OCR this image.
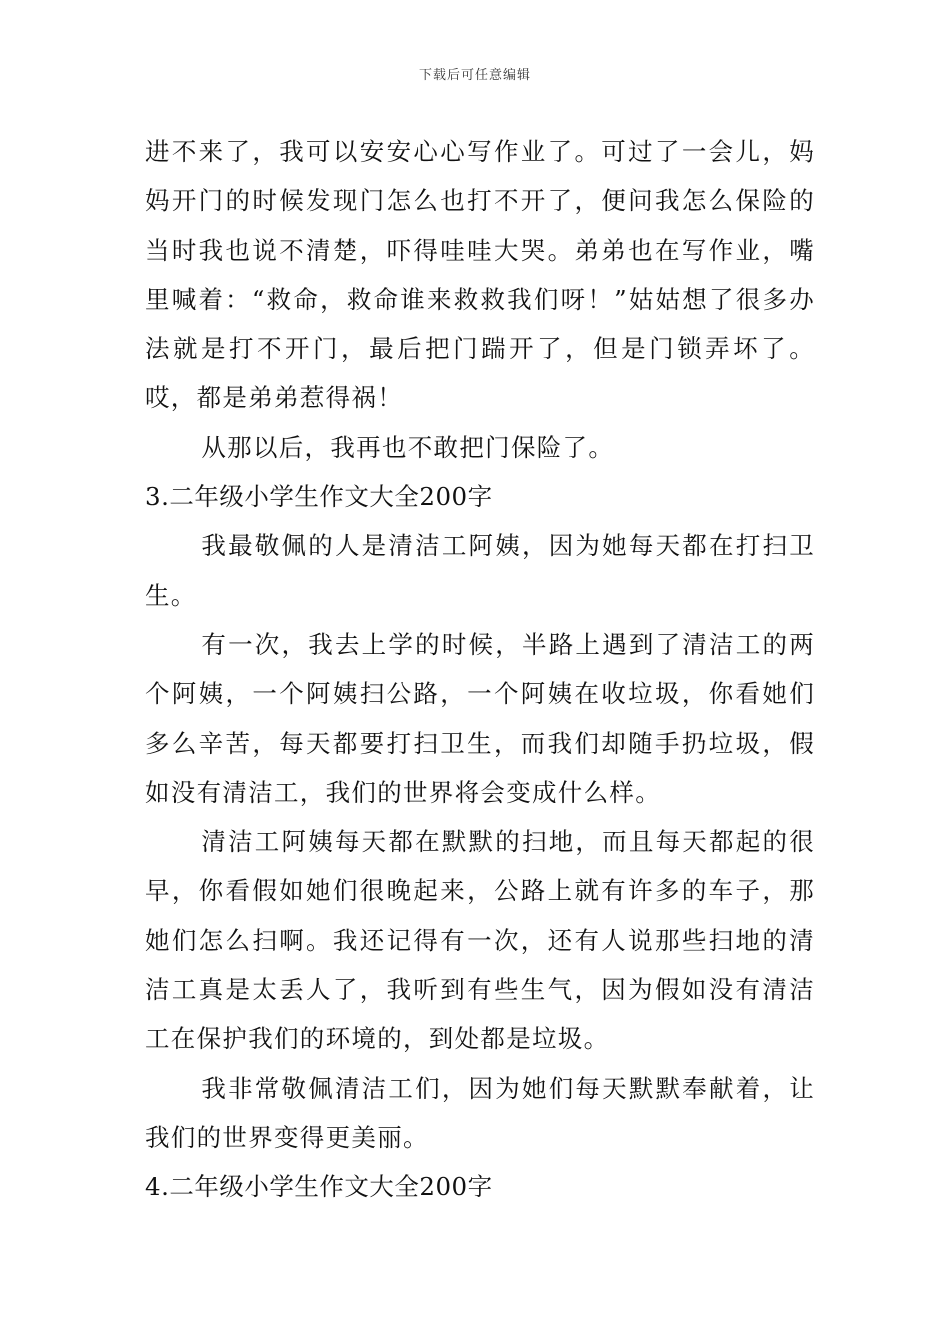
下载后可任意编辑

进不来了，我可以安安心心写作业了。可过了一会儿，妈妈开门的时候发现门怎么也打不开了，便问我怎么保险的当时我也说不清楚，吓得哇哇大哭。弟弟也在写作业，嘴里喊着：“救命，救命谁来救救我们呀！”姑姑想了很多办法就是打不开门，最后把门踹开了，但是门锁弄坏了。哎，都是弟弟惹得祸！

从那以后，我再也不敢把门保险了。

3.二年级小学生作文大全200字

我最敬佩的人是清洁工阿姨，因为她每天都在打扫卫生。

有一次，我去上学的时候，半路上遇到了清洁工的两个阿姨，一个阿姨扫公路，一个阿姨在收垃圾，你看她们多么辛苦，每天都要打扫卫生，而我们却随手扔垃圾，假如没有清洁工，我们的世界将会变成什么样。

清洁工阿姨每天都在默默的扫地，而且每天都起的很早，你看假如她们很晚起来，公路上就有许多的车子，那她们怎么扫啊。我还记得有一次，还有人说那些扫地的清洁工真是太丢人了，我听到有些生气，因为假如没有清洁工在保护我们的环境的，到处都是垃圾。

我非常敬佩清洁工们，因为她们每天默默奉献着，让我们的世界变得更美丽。

4.二年级小学生作文大全200字
